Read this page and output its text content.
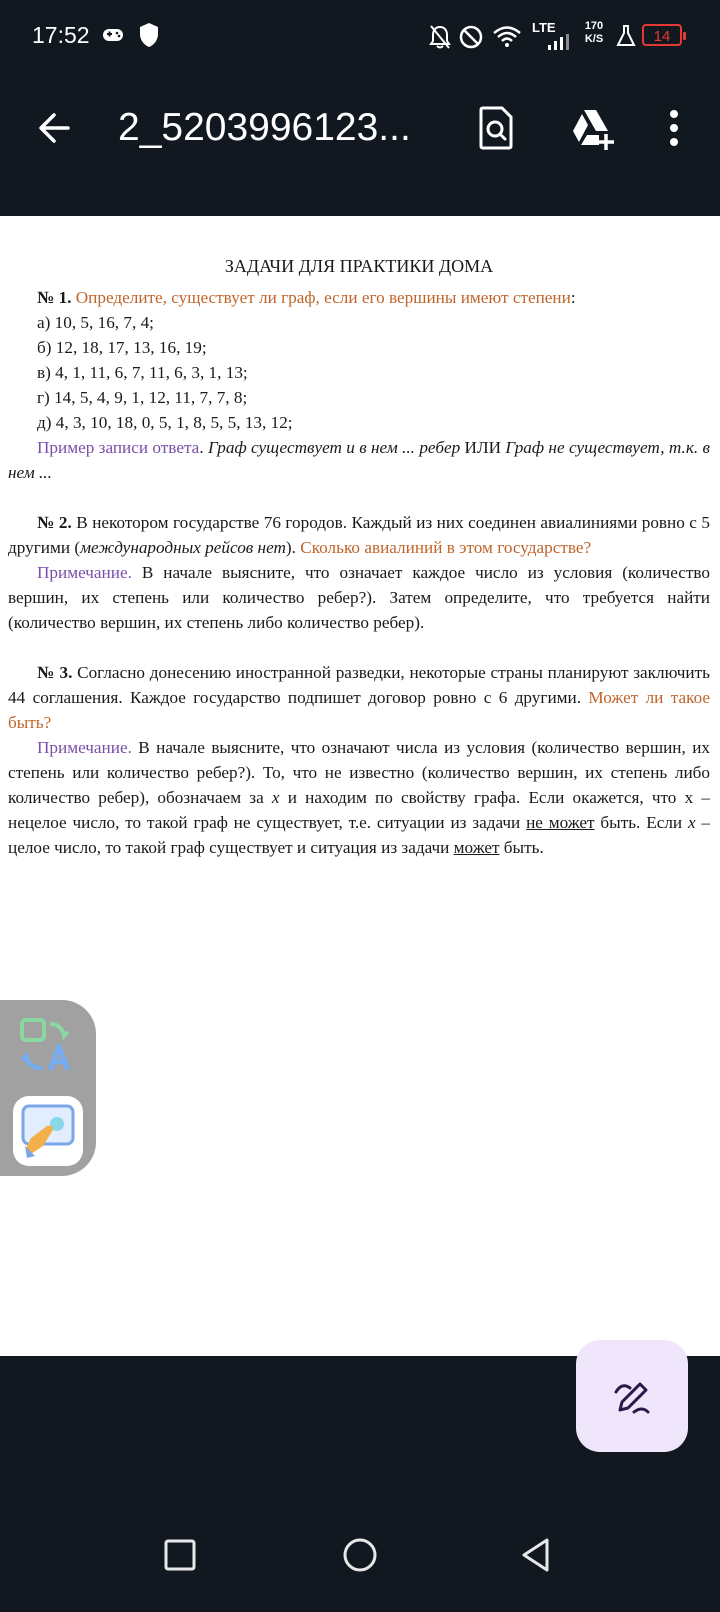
17:52	LTE	170
K/S	14
2_5203996123...

ЗАДАЧИ ДЛЯ ПРАКТИКИ ДОМА

№ 1. Определите, существует ли граф, если его вершины имеют степени:

а) 10, 5, 16, 7, 4;

б) 12, 18, 17, 13, 16, 19;

в) 4, 1, 11, 6, 7, 11, 6, 3, 1, 13;

г) 14, 5, 4, 9, 1, 12, 11, 7, 7, 8;

д) 4, 3, 10, 18, 0, 5, 1, 8, 5, 5, 13, 12;

Пример записи ответа. Граф существует и в нем ... ребер ИЛИ Граф не существует, т.к. в нем ...

№ 2. В некотором государстве 76 городов. Каждый из них соединен авиалиниями ровно с 5 другими (международных рейсов нет). Сколько авиалиний в этом государстве?

Примечание. В начале выясните, что означает каждое число из условия (количество вершин, их степень или количество ребер?). Затем определите, что требуется найти (количество вершин, их степень либо количество ребер).

№ 3. Согласно донесению иностранной разведки, некоторые страны планируют заключить 44 соглашения. Каждое государство подпишет договор ровно с 6 другими. Может ли такое быть?

Примечание. В начале выясните, что означают числа из условия (количество вершин, их степень или количество ребер?). То, что не известно (количество вершин, их степень либо количество ребер), обозначаем за x и находим по свойству графа. Если окажется, что х – нецелое число, то такой граф не существует, т.е. ситуации из задачи не может быть. Если x – целое число, то такой граф существует и ситуация из задачи может быть.
